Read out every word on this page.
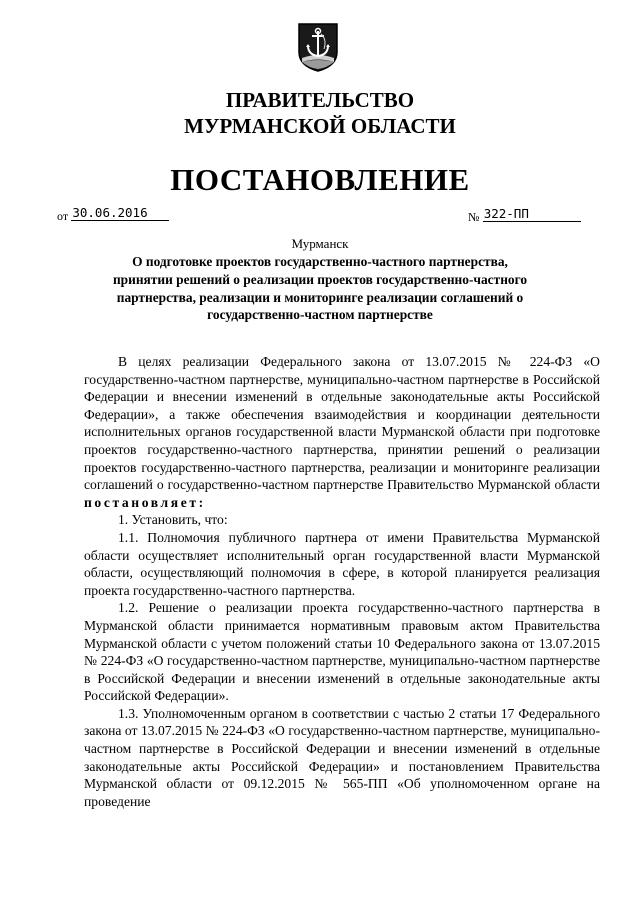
ПРАВИТЕЛЬСТВО
МУРМАНСКОЙ ОБЛАСТИ
ПОСТАНОВЛЕНИЕ
от 30.06.2016	№ 322-ПП
Мурманск
О подготовке проектов государственно-частного партнерства,
принятии решений о реализации проектов государственно-частного
партнерства, реализации и мониторинге реализации соглашений о
государственно-частном партнерстве

В целях реализации Федерального закона от 13.07.2015 № 224-ФЗ «О государственно-частном партнерстве, муниципально-частном партнерстве в Российской Федерации и внесении изменений в отдельные законодательные акты Российской Федерации», а также обеспечения взаимодействия и координации деятельности исполнительных органов государственной власти Мурманской области при подготовке проектов государственно-частного партнерства, принятии решений о реализации проектов государственно-частного партнерства, реализации и мониторинге реализации соглашений о государственно-частном партнерстве Правительство Мурманской области постановляет:

1. Установить, что:

1.1. Полномочия публичного партнера от имени Правительства Мурманской области осуществляет исполнительный орган государственной власти Мурманской области, осуществляющий полномочия в сфере, в которой планируется реализация проекта государственно-частного партнерства.

1.2. Решение о реализации проекта государственно-частного партнерства в Мурманской области принимается нормативным правовым актом Правительства Мурманской области с учетом положений статьи 10 Федерального закона от 13.07.2015 № 224-ФЗ «О государственно-частном партнерстве, муниципально-частном партнерстве в Российской Федерации и внесении изменений в отдельные законодательные акты Российской Федерации».

1.3. Уполномоченным органом в соответствии с частью 2 статьи 17 Федерального закона от 13.07.2015 № 224-ФЗ «О государственно-частном партнерстве, муниципально-частном партнерстве в Российской Федерации и внесении изменений в отдельные законодательные акты Российской Федерации» и постановлением Правительства Мурманской области от 09.12.2015 № 565-ПП «Об уполномоченном органе на проведение
